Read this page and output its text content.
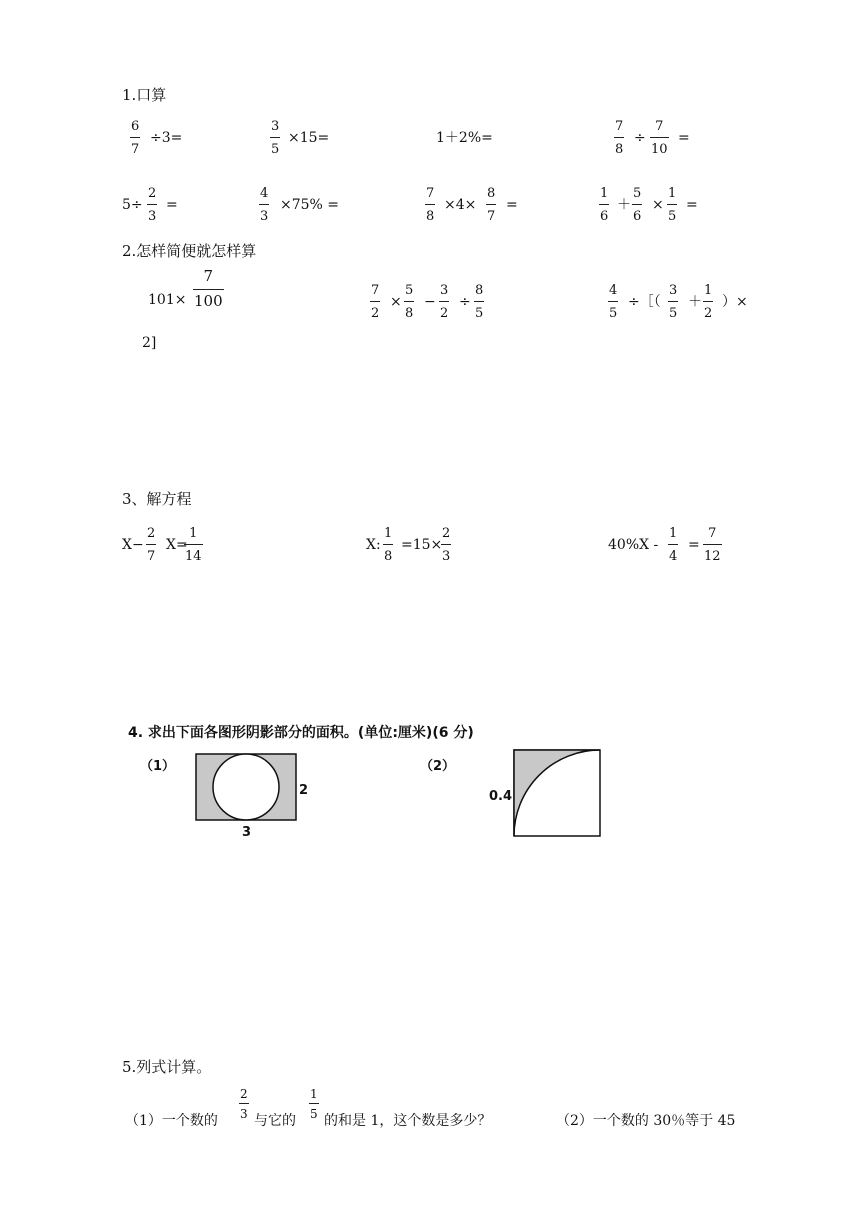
1.口算
6
7
÷3=
3
5
×15=	1＋2%=
7
8
÷
7
10
=
5÷
2
3
=
4
3
×75% =
7
8
×4×
8
7
=
1
6
＋
5
6
×
1
5
=
2.怎样简便就怎样算
101×
7
100
7
2
×
5
8
−
3
2
÷
8
5
4
5
÷［（
3
5
＋
1
2
）×
2]
3、解方程
X−
2
7
X=
1
14
X:
1
8
=15×
2
3
40%X -
1
4
=
7
12
4. 求出下面各图形阴影部分的面积。(单位:厘米)(6 分)
（1）	（2）
2
3
0.4
5.列式计算。
（1）一个数的
2
3 与它的
1
5 的和是 1，这个数是多少？	（2）一个数的 30％等于 45
